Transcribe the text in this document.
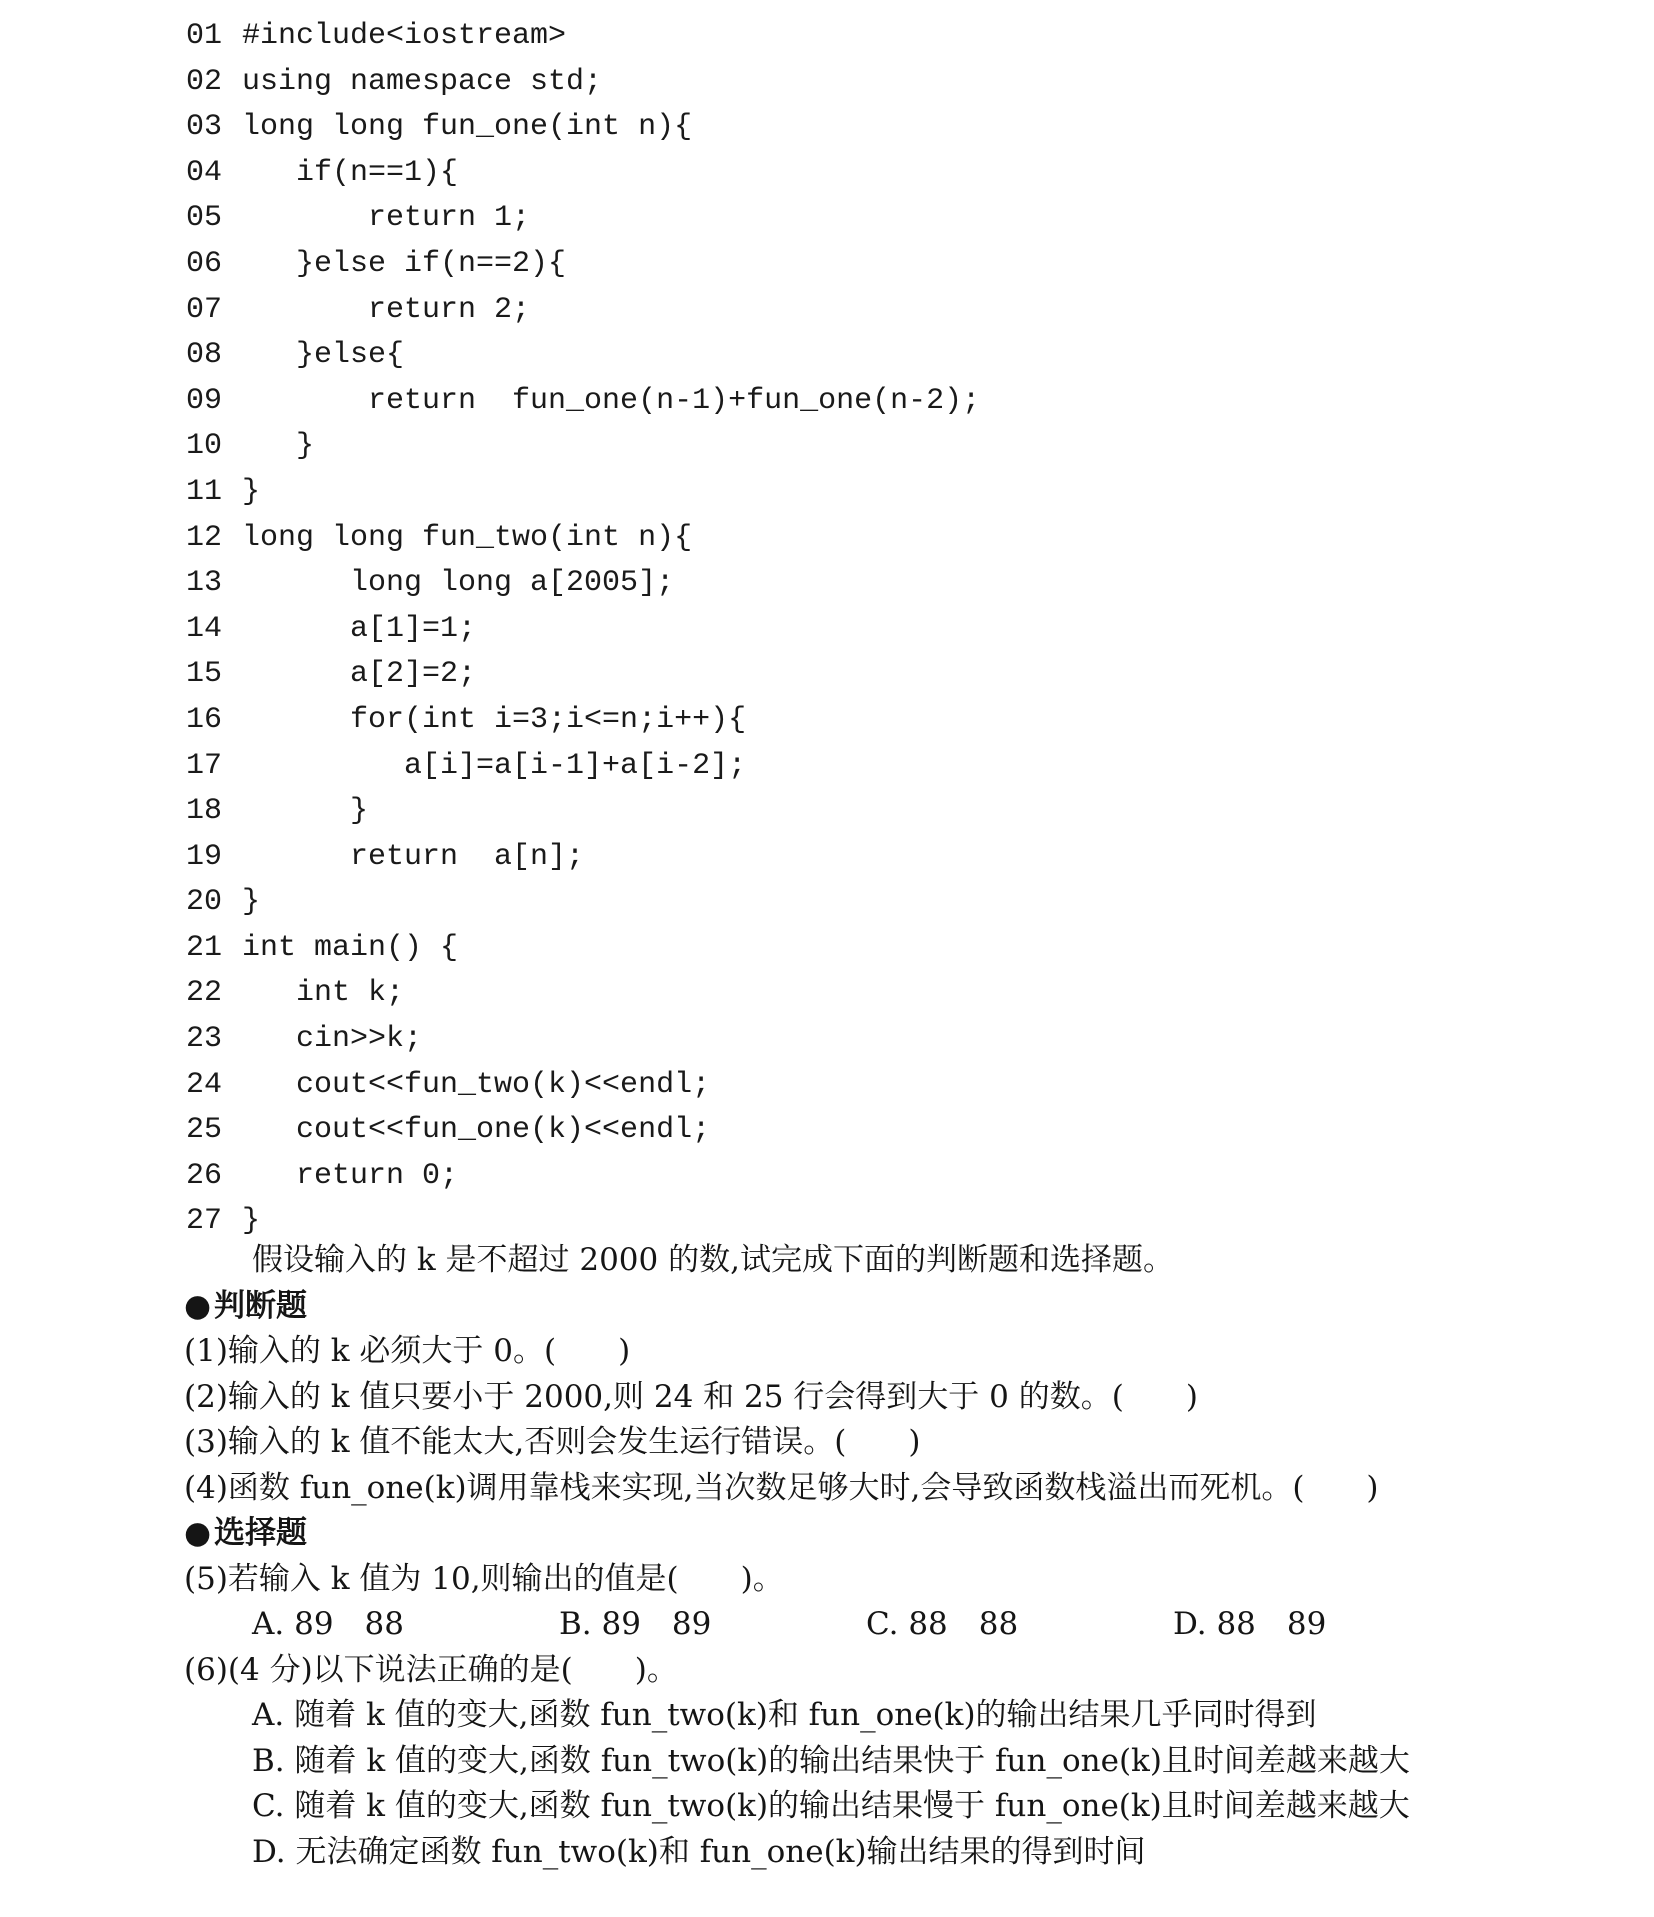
01 #include<iostream>
02 using namespace std;
03 long long fun_one(int n){
04   if(n==1){
05       return 1;
06   }else if(n==2){
07       return 2;
08   }else{
09       return  fun_one(n-1)+fun_one(n-2);
10   }
11 }
12 long long fun_two(int n){
13      long long a[2005];
14      a[1]=1;
15      a[2]=2;
16      for(int i=3;i<=n;i++){
17         a[i]=a[i-1]+a[i-2];
18      }
19      return  a[n];
20 }
21 int main() {
22   int k;
23   cin>>k;
24   cout<<fun_two(k)<<endl;
25   cout<<fun_one(k)<<endl;
26   return 0;
27 }
假设输入的 k 是不超过 2000 的数,试完成下面的判断题和选择题。
●判断题
(1)输入的 k 必须大于 0。(　　)
(2)输入的 k 值只要小于 2000,则 24 和 25 行会得到大于 0 的数。(　　)
(3)输入的 k 值不能太大,否则会发生运行错误。(　　)
(4)函数 fun_one(k)调用靠栈来实现,当次数足够大时,会导致函数栈溢出而死机。(　　)
●选择题
(5)若输入 k 值为 10,则输出的值是(　　)。
A. 89　88	B. 89　89	C. 88　88	D. 88　89
(6)(4 分)以下说法正确的是(　　)。
A. 随着 k 值的变大,函数 fun_two(k)和 fun_one(k)的输出结果几乎同时得到
B. 随着 k 值的变大,函数 fun_two(k)的输出结果快于 fun_one(k)且时间差越来越大
C. 随着 k 值的变大,函数 fun_two(k)的输出结果慢于 fun_one(k)且时间差越来越大
D. 无法确定函数 fun_two(k)和 fun_one(k)输出结果的得到时间
